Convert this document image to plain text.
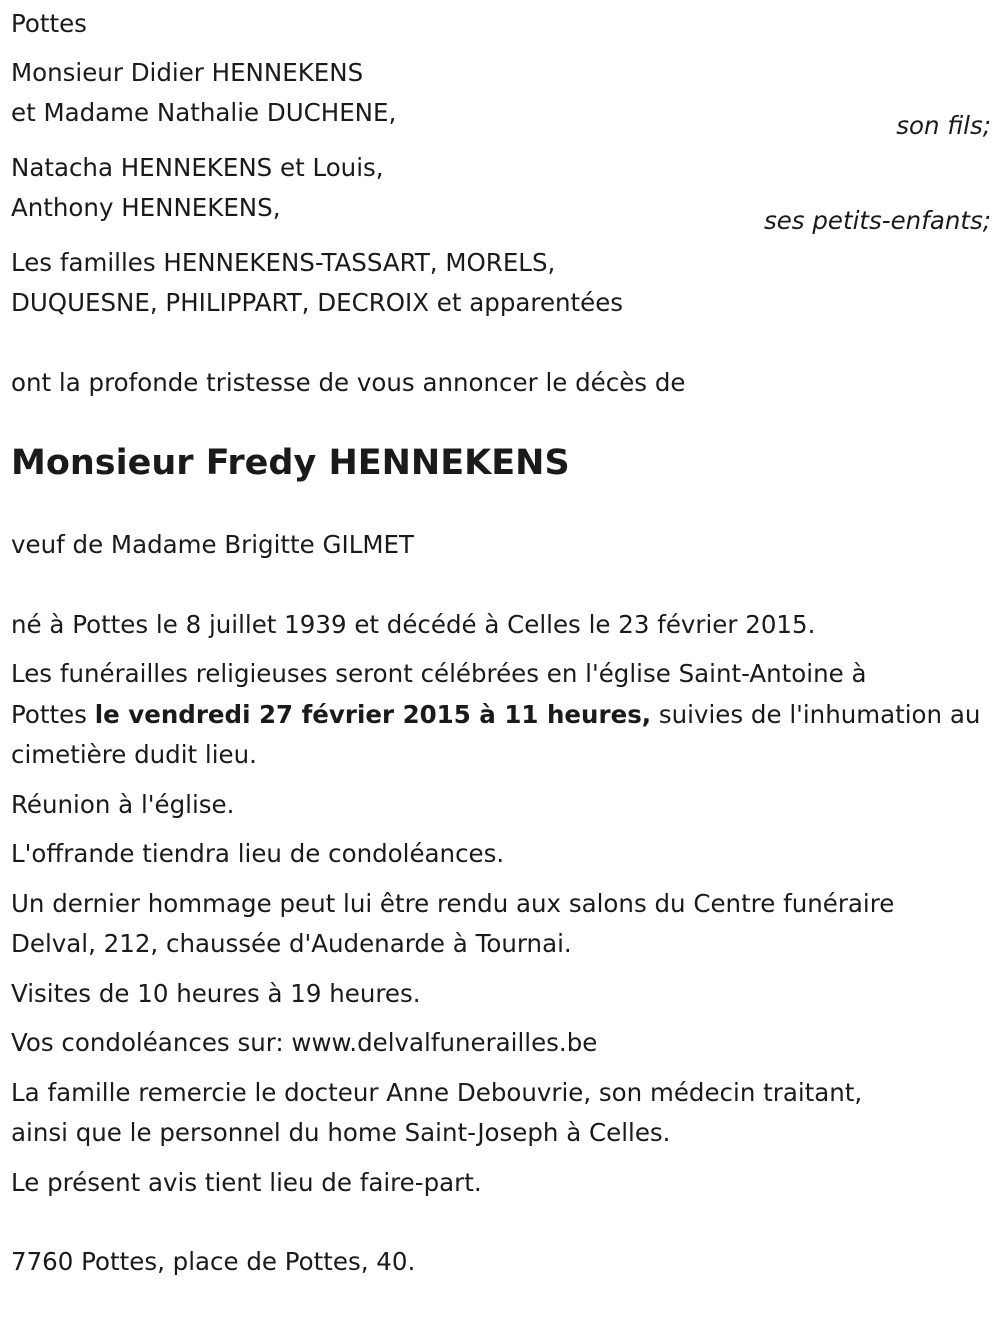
Pottes

Monsieur Didier HENNEKENS

et Madame Nathalie DUCHENE,	son fils;

Natacha HENNEKENS et Louis,

Anthony HENNEKENS,	ses petits-enfants;

Les familles HENNEKENS-TASSART, MORELS,

DUQUESNE, PHILIPPART, DECROIX et apparentées

ont la profonde tristesse de vous annoncer le décès de

Monsieur Fredy HENNEKENS

veuf de Madame Brigitte GILMET

né à Pottes le 8 juillet 1939 et décédé à Celles le 23 février 2015.

Les funérailles religieuses seront célébrées en l'église Saint-Antoine à

Pottes le vendredi 27 février 2015 à 11 heures, suivies de l'inhumation au

cimetière dudit lieu.

Réunion à l'église.

L'offrande tiendra lieu de condoléances.

Un dernier hommage peut lui être rendu aux salons du Centre funéraire

Delval, 212, chaussée d'Audenarde à Tournai.

Visites de 10 heures à 19 heures.

Vos condoléances sur: www.delvalfunerailles.be

La famille remercie le docteur Anne Debouvrie, son médecin traitant,

ainsi que le personnel du home Saint-Joseph à Celles.

Le présent avis tient lieu de faire-part.

7760 Pottes, place de Pottes, 40.
